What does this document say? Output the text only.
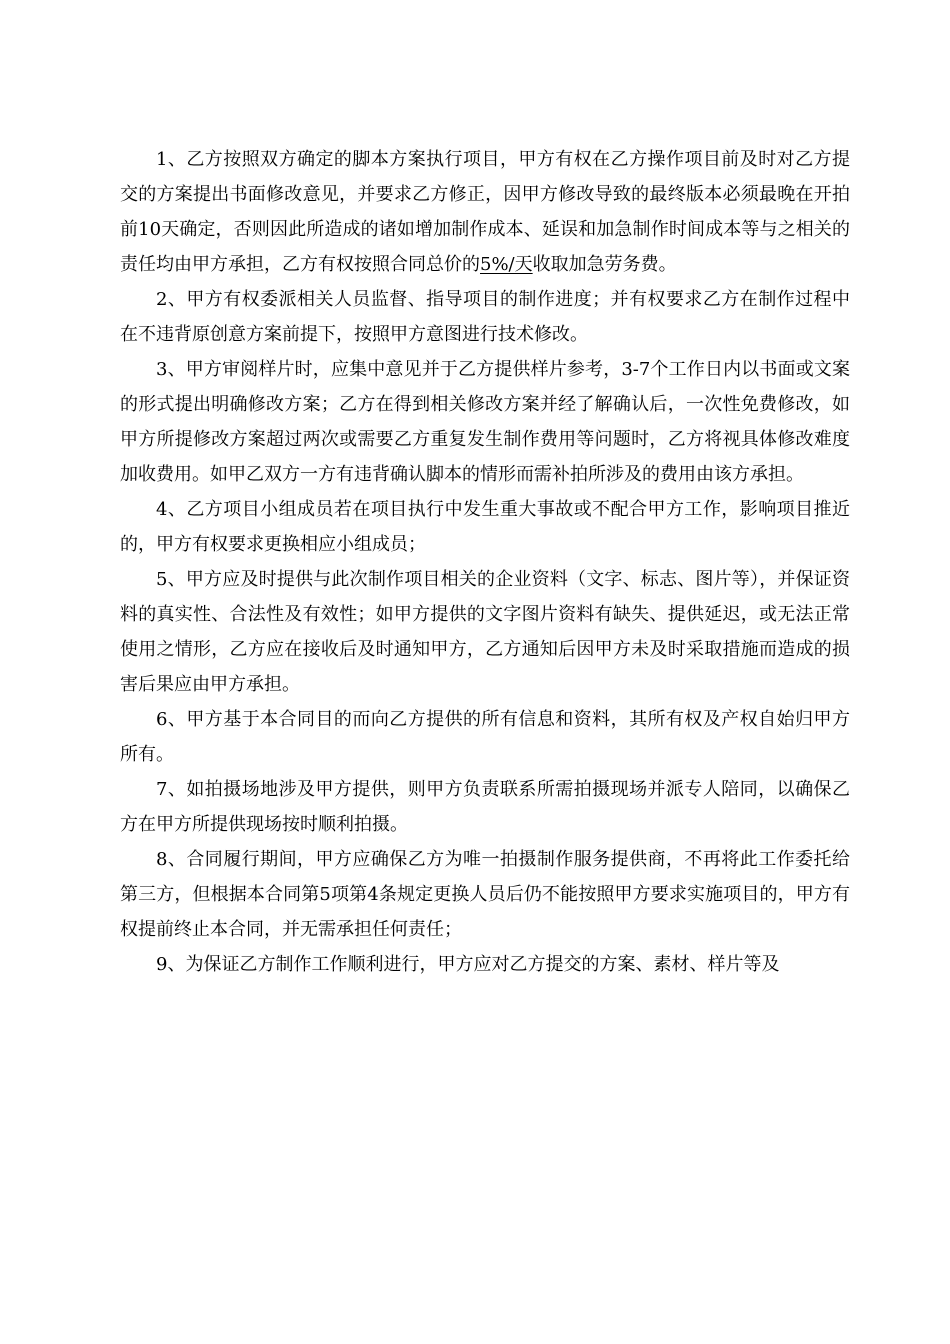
1、乙方按照双方确定的脚本方案执行项目，甲方有权在乙方操作项目前及时对乙方提交的方案提出书面修改意见，并要求乙方修正，因甲方修改导致的最终版本必须最晚在开拍前10天确定，否则因此所造成的诸如增加制作成本、延误和加急制作时间成本等与之相关的责任均由甲方承担，乙方有权按照合同总价的5%/天收取加急劳务费。

2、甲方有权委派相关人员监督、指导项目的制作进度；并有权要求乙方在制作过程中在不违背原创意方案前提下，按照甲方意图进行技术修改。

3、甲方审阅样片时，应集中意见并于乙方提供样片参考，3-7个工作日内以书面或文案的形式提出明确修改方案；乙方在得到相关修改方案并经了解确认后，一次性免费修改，如甲方所提修改方案超过两次或需要乙方重复发生制作费用等问题时，乙方将视具体修改难度加收费用。如甲乙双方一方有违背确认脚本的情形而需补拍所涉及的费用由该方承担。

4、乙方项目小组成员若在项目执行中发生重大事故或不配合甲方工作，影响项目推近的，甲方有权要求更换相应小组成员；

5、甲方应及时提供与此次制作项目相关的企业资料（文字、标志、图片等），并保证资料的真实性、合法性及有效性；如甲方提供的文字图片资料有缺失、提供延迟，或无法正常使用之情形，乙方应在接收后及时通知甲方，乙方通知后因甲方未及时采取措施而造成的损害后果应由甲方承担。

6、甲方基于本合同目的而向乙方提供的所有信息和资料，其所有权及产权自始归甲方所有。

7、如拍摄场地涉及甲方提供，则甲方负责联系所需拍摄现场并派专人陪同，以确保乙方在甲方所提供现场按时顺利拍摄。

8、合同履行期间，甲方应确保乙方为唯一拍摄制作服务提供商，不再将此工作委托给第三方，但根据本合同第5项第4条规定更换人员后仍不能按照甲方要求实施项目的，甲方有权提前终止本合同，并无需承担任何责任；

9、为保证乙方制作工作顺利进行，甲方应对乙方提交的方案、素材、样片等及
